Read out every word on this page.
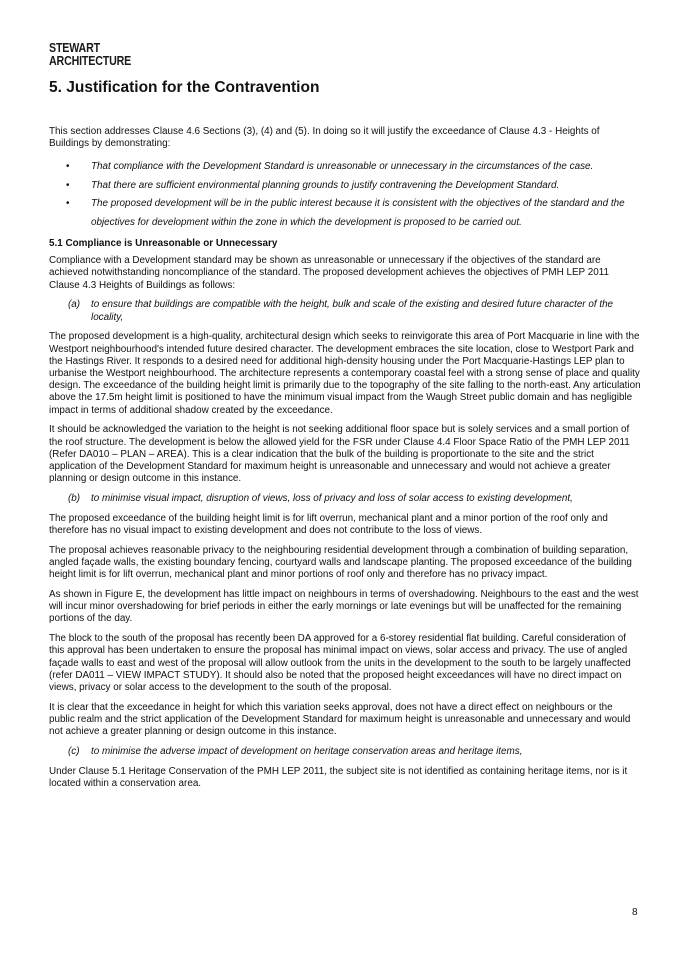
STEWART
ARCHITECTURE
5. Justification for the Contravention

This section addresses Clause 4.6 Sections (3), (4) and (5). In doing so it will justify the exceedance of Clause 4.3 - Heights of Buildings by demonstrating:

• That compliance with the Development Standard is unreasonable or unnecessary in the circumstances of the case.
• That there are sufficient environmental planning grounds to justify contravening the Development Standard.
• The proposed development will be in the public interest because it is consistent with the objectives of the standard and the objectives for development within the zone in which the development is proposed to be carried out.
5.1 Compliance is Unreasonable or Unnecessary

Compliance with a Development standard may be shown as unreasonable or unnecessary if the objectives of the standard are achieved notwithstanding noncompliance of the standard. The proposed development achieves the objectives of PMH LEP 2011 Clause 4.3 Heights of Buildings as follows:

(a) to ensure that buildings are compatible with the height, bulk and scale of the existing and desired future character of the locality,

The proposed development is a high-quality, architectural design which seeks to reinvigorate this area of Port Macquarie in line with the Westport neighbourhood's intended future desired character. The development embraces the site location, close to Westport Park and the Hastings River. It responds to a desired need for additional high-density housing under the Port Macquarie-Hastings LEP plan to urbanise the Westport neighbourhood. The architecture represents a contemporary coastal feel with a strong sense of place and quality design. The exceedance of the building height limit is primarily due to the topography of the site falling to the north-east. Any articulation above the 17.5m height limit is positioned to have the minimum visual impact from the Waugh Street public domain and has negligible impact in terms of additional shadow created by the exceedance.

It should be acknowledged the variation to the height is not seeking additional floor space but is solely services and a small portion of the roof structure. The development is below the allowed yield for the FSR under Clause 4.4 Floor Space Ratio of the PMH LEP 2011 (Refer DA010 – PLAN – AREA). This is a clear indication that the bulk of the building is proportionate to the site and the strict application of the Development Standard for maximum height is unreasonable and unnecessary and would not achieve a greater planning or design outcome in this instance.

(b) to minimise visual impact, disruption of views, loss of privacy and loss of solar access to existing development,

The proposed exceedance of the building height limit is for lift overrun, mechanical plant and a minor portion of the roof only and therefore has no visual impact to existing development and does not contribute to the loss of views.

The proposal achieves reasonable privacy to the neighbouring residential development through a combination of building separation, angled façade walls, the existing boundary fencing, courtyard walls and landscape planting. The proposed exceedance of the building height limit is for lift overrun, mechanical plant and minor portions of roof only and therefore has no privacy impact.

As shown in Figure E, the development has little impact on neighbours in terms of overshadowing. Neighbours to the east and the west will incur minor overshadowing for brief periods in either the early mornings or late evenings but will be unaffected for the remaining portions of the day.

The block to the south of the proposal has recently been DA approved for a 6-storey residential flat building. Careful consideration of this approval has been undertaken to ensure the proposal has minimal impact on views, solar access and privacy. The use of angled façade walls to east and west of the proposal will allow outlook from the units in the development to the south to be largely unaffected (refer DA011 – VIEW IMPACT STUDY). It should also be noted that the proposed height exceedances will have no direct impact on views, privacy or solar access to the development to the south of the proposal.

It is clear that the exceedance in height for which this variation seeks approval, does not have a direct effect on neighbours or the public realm and the strict application of the Development Standard for maximum height is unreasonable and unnecessary and would not achieve a greater planning or design outcome in this instance.

(c) to minimise the adverse impact of development on heritage conservation areas and heritage items,

Under Clause 5.1 Heritage Conservation of the PMH LEP 2011, the subject site is not identified as containing heritage items, nor is it located within a conservation area.

8
